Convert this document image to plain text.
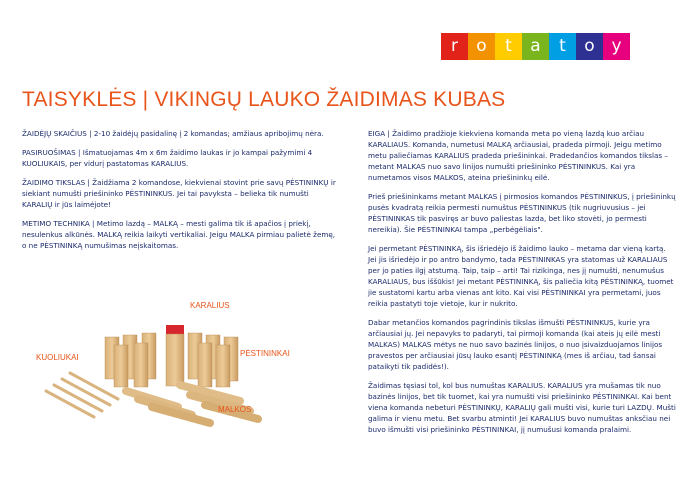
r	o	t	a	t	o y
TAISYKLĖS | VIKINGŲ LAUKO ŽAIDIMAS KUBAS

ŽAIDĖJŲ SKAIČIUS | 2-10 žaidėjų pasidalinę į 2 komandas; amžiaus apribojimų nėra.

PASIRUOŠIMAS | Išmatuojamas 4m x 6m žaidimo laukas ir jo kampai pažymimi 4 KUOLIUKAIS, per vidurį pastatomas KARALIUS.

ŽAIDIMO TIKSLAS | Žaidžiama 2 komandose, kiekvienai stovint prie savų PĖSTININKŲ ir siekiant numušti priešininko PĖSTININKUS. Jei tai pavyksta – belieka tik numušti KARALIŲ ir jūs laimėjote!

METIMO TECHNIKA | Metimo lazdą – MALKĄ – mesti galima tik iš apačios į priekį, nesulenkus alkūnės. MALKĄ reikia laikyti vertikaliai. Jeigu MALKA pirmiau palietė žemę, o ne PĖSTININKĄ numušimas neįskaitomas.

KARALIUS
KUOLIUKAI	PĖSTININKAI
MALKOS

EIGA | Žaidimo pradžioje kiekviena komanda meta po vieną lazdą kuo arčiau KARALIAUS. Komanda, numetusi MALKĄ arčiausiai, pradeda pirmoji. Jeigu metimo metu paliečiamas KARALIUS pradeda priešininkai. Pradedančios komandos tikslas – metant MALKAS nuo savo linijos numušti priešininko PĖSTININKUS. Kai yra numetamos visos MALKOS, ateina priešininkų eilė.

Prieš priešininkams metant MALKAS į pirmosios komandos PĖSTININKUS, į priešininkų pusės kvadratą reikia permesti numuštus PĖSTININKUS (tik nugriuvusius – jei PĖSTININKAS tik pasviręs ar buvo paliestas lazda, bet liko stovėti, jo permesti nereikia). Šie PĖSTININKAI tampa „perbėgėliais".

Jei permetant PĖSTININKĄ, šis išriedėjo iš žaidimo lauko – metama dar vieną kartą. Jei jis išriedėjo ir po antro bandymo, tada PĖSTININKAS yra statomas už KARALIAUS per jo paties ilgį atstumą. Taip, taip – arti! Tai rizikinga, nes jį numušti, nenumušus KARALIAUS, bus iššūkis! Jei metant PĖSTININKĄ, šis paliečia kitą PĖSTININKĄ, tuomet jie sustatomi kartu arba vienas ant kito. Kai visi PĖSTININKAI yra permetami, juos reikia pastatyti toje vietoje, kur ir nukrito.

Dabar metančios komandos pagrindinis tikslas išmušti PĖSTININKUS, kurie yra arčiausiai jų. Jei nepavyks to padaryti, tai pirmoji komanda (kai ateis jų eilė mesti MALKAS) MALKAS mėtys ne nuo savo bazinės linijos, o nuo įsivaizduojamos linijos pravestos per arčiausiai jūsų lauko esantį PĖSTININKĄ (mes iš arčiau, tad šansai pataikyti tik padidės!).

Žaidimas tęsiasi tol, kol bus numuštas KARALIUS. KARALIUS yra mušamas tik nuo bazinės linijos, bet tik tuomet, kai yra numušti visi priešininko PĖSTININKAI. Kai bent viena komanda nebeturi PĖSTININKŲ, KARALIŲ gali mušti visi, kurie turi LAZDŲ. Mušti galima ir vienu metu. Bet svarbu atminti! Jei KARALIUS buvo numuštas anksčiau nei buvo išmušti visi priešininko PĖSTININKAI, jį numušusi komanda pralaimi.
